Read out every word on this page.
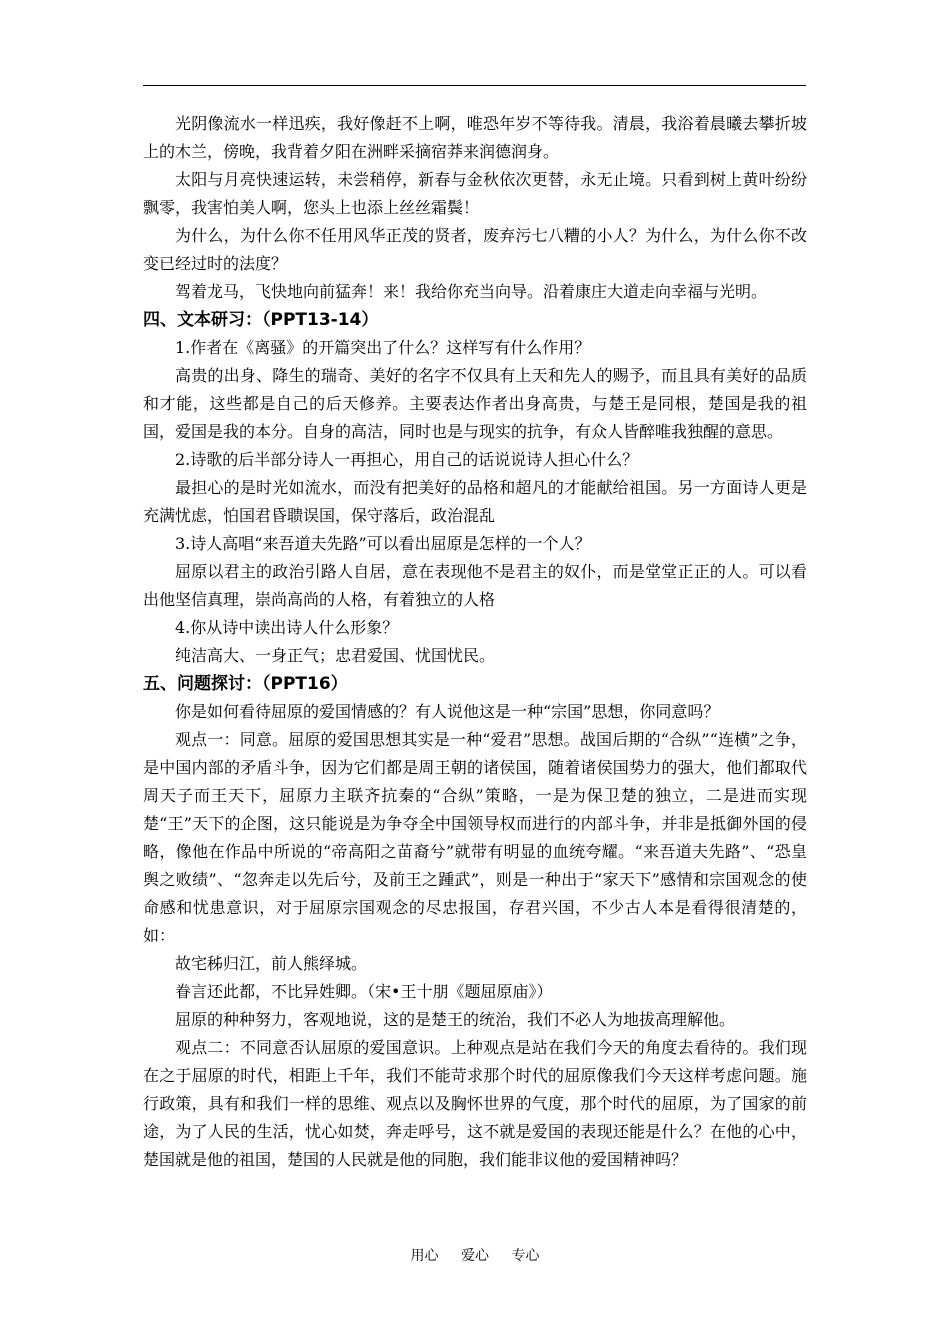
光阴像流水一样迅疾，我好像赶不上啊，唯恐年岁不等待我。清晨，我浴着晨曦去攀折坡上的木兰，傍晚，我背着夕阳在洲畔采摘宿莽来润德润身。

太阳与月亮快速运转，未尝稍停，新春与金秋依次更替，永无止境。只看到树上黄叶纷纷飘零，我害怕美人啊，您头上也添上丝丝霜鬓！

为什么，为什么你不任用风华正茂的贤者，废弃污七八糟的小人？为什么，为什么你不改变已经过时的法度？

驾着龙马，飞快地向前猛奔！来！我给你充当向导。沿着康庄大道走向幸福与光明。

四、文本研习：（PPT13-14）

1.作者在《离骚》的开篇突出了什么？这样写有什么作用？

高贵的出身、降生的瑞奇、美好的名字不仅具有上天和先人的赐予，而且具有美好的品质和才能，这些都是自己的后天修养。主要表达作者出身高贵，与楚王是同根，楚国是我的祖国，爱国是我的本分。自身的高洁，同时也是与现实的抗争，有众人皆醉唯我独醒的意思。

2.诗歌的后半部分诗人一再担心，用自己的话说说诗人担心什么？

最担心的是时光如流水，而没有把美好的品格和超凡的才能献给祖国。另一方面诗人更是充满忧虑，怕国君昏聩误国，保守落后，政治混乱

3.诗人高唱“来吾道夫先路”可以看出屈原是怎样的一个人？

屈原以君主的政治引路人自居，意在表现他不是君主的奴仆，而是堂堂正正的人。可以看出他坚信真理，崇尚高尚的人格，有着独立的人格

4.你从诗中读出诗人什么形象？

纯洁高大、一身正气；忠君爱国、忧国忧民。

五、问题探讨：（PPT16）

你是如何看待屈原的爱国情感的？有人说他这是一种“宗国”思想，你同意吗？

观点一：同意。屈原的爱国思想其实是一种“爱君”思想。战国后期的“合纵”“连横”之争，是中国内部的矛盾斗争，因为它们都是周王朝的诸侯国，随着诸侯国势力的强大，他们都取代周天子而王天下，屈原力主联齐抗秦的“合纵”策略，一是为保卫楚的独立，二是进而实现楚“王”天下的企图，这只能说是为争夺全中国领导权而进行的内部斗争，并非是抵御外国的侵略，像他在作品中所说的“帝高阳之苗裔兮”就带有明显的血统夸耀。“来吾道夫先路”、“恐皇舆之败绩”、“忽奔走以先后兮，及前王之踵武”，则是一种出于“家天下”感情和宗国观念的使命感和忧患意识，对于屈原宗国观念的尽忠报国，存君兴国，不少古人本是看得很清楚的，如：

故宅秭归江，前人熊绎城。

眷言还此都，不比异姓卿。（宋•王十朋《题屈原庙》）

屈原的种种努力，客观地说，这的是楚王的统治，我们不必人为地拔高理解他。

观点二：不同意否认屈原的爱国意识。上种观点是站在我们今天的角度去看待的。我们现在之于屈原的时代，相距上千年，我们不能苛求那个时代的屈原像我们今天这样考虑问题。施行政策，具有和我们一样的思维、观点以及胸怀世界的气度，那个时代的屈原，为了国家的前途，为了人民的生活，忧心如焚，奔走呼号，这不就是爱国的表现还能是什么？在他的心中，楚国就是他的祖国，楚国的人民就是他的同胞，我们能非议他的爱国精神吗？

用心 爱心 专心
